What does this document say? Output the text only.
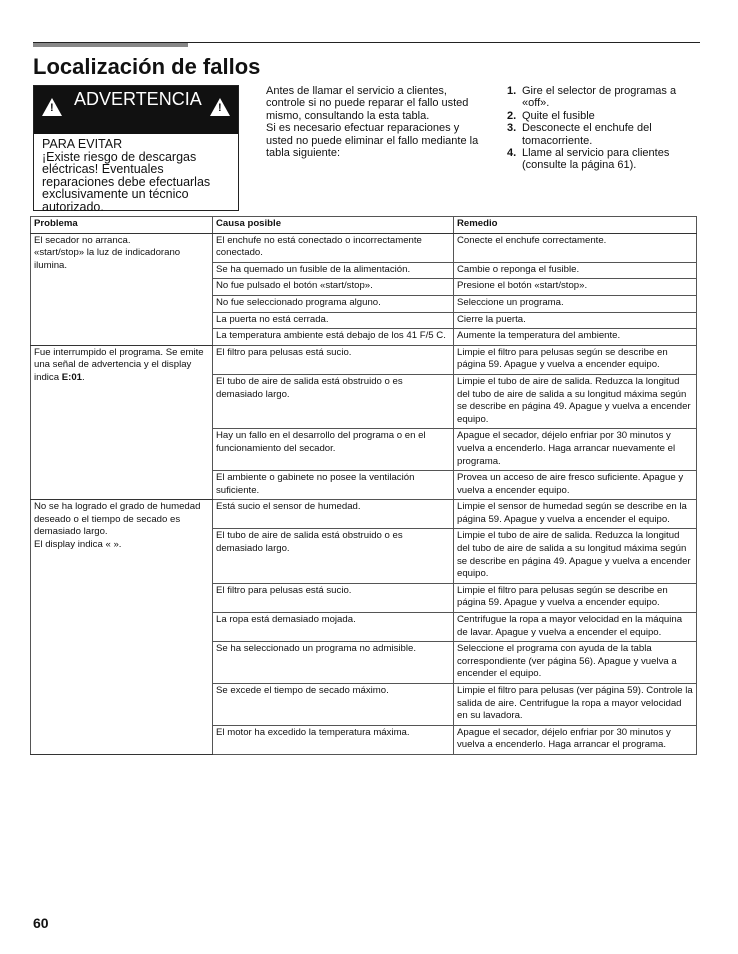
Localización de fallos
!
ADVERTENCIA
!
PARA EVITAR
¡Existe riesgo de descargas eléctricas! Eventuales reparaciones debe efectuarlas exclusivamente un técnico autorizado.
Antes de llamar el servicio a clientes, controle si no puede reparar el fallo usted mismo, consultando la esta tabla.
Si es necesario efectuar reparaciones y usted no puede eliminar el fallo mediante la tabla siguiente:
1. Gire el selector de programas a «off».
2. Quite el fusible
3. Desconecte el enchufe del tomacorriente.
4. Llame al servicio para clientes (consulte la página 61).
Problema	Causa posible	Remedio

El secador no arranca.
«start/stop» la luz de indicadorano ilumina.	El enchufe no está conectado o incorrectamente conectado.	Conecte el enchufe correctamente.
	Se ha quemado un fusible de la alimentación.	Cambie o reponga el fusible.
	No fue pulsado el botón «start/stop».	Presione el botón «start/stop».
	No fue seleccionado programa alguno.	Seleccione un programa.
	La puerta no está cerrada.	Cierre la puerta.
	La temperatura ambiente está debajo de los 41 F/5 C.	Aumente la temperatura del ambiente.
Fue interrumpido el programa. Se emite una señal de advertencia y el display indica E:01.	El filtro para pelusas está sucio.	Limpie el filtro para pelusas según se describe en página 59. Apague y vuelva a encender equipo.
	El tubo de aire de salida está obstruido o es demasiado largo.	Limpie el tubo de aire de salida. Reduzca la longitud del tubo de aire de salida a su longitud máxima según se describe en página 49. Apague y vuelva a encender equipo.
	Hay un fallo en el desarrollo del programa o en el funcionamiento del secador.	Apague el secador, déjelo enfriar por 30 minutos y vuelva a encenderlo. Haga arrancar nuevamente el programa.
	El ambiente o gabinete no posee la ventilación suficiente.	Provea un acceso de aire fresco suficiente. Apague y vuelva a encender equipo.

No se ha logrado el grado de humedad deseado o el tiempo de secado es demasiado largo.
El display indica « ».	Está sucio el sensor de humedad.	Limpie el sensor de humedad según se describe en la página 59. Apague y vuelva a encender el equipo.
	El tubo de aire de salida está obstruido o es demasiado largo.	Limpie el tubo de aire de salida. Reduzca la longitud del tubo de aire de salida a su longitud máxima según se describe en página 49. Apague y vuelva a encender equipo.
	El filtro para pelusas está sucio.	Limpie el filtro para pelusas según se describe en página 59. Apague y vuelva a encender equipo.
	La ropa está demasiado mojada.	Centrifugue la ropa a mayor velocidad en la máquina de lavar. Apague y vuelva a encender el equipo.
	Se ha seleccionado un programa no admisible.	Seleccione el programa con ayuda de la tabla correspondiente (ver página 56). Apague y vuelva a encender el equipo.
	Se excede el tiempo de secado máximo.	Limpie el filtro para pelusas (ver página 59). Controle la salida de aire. Centrifugue la ropa a mayor velocidad en su lavadora.
	El motor ha excedido la temperatura máxima.	Apague el secador, déjelo enfriar por 30 minutos y vuelva a encenderlo. Haga arrancar el programa.
60
